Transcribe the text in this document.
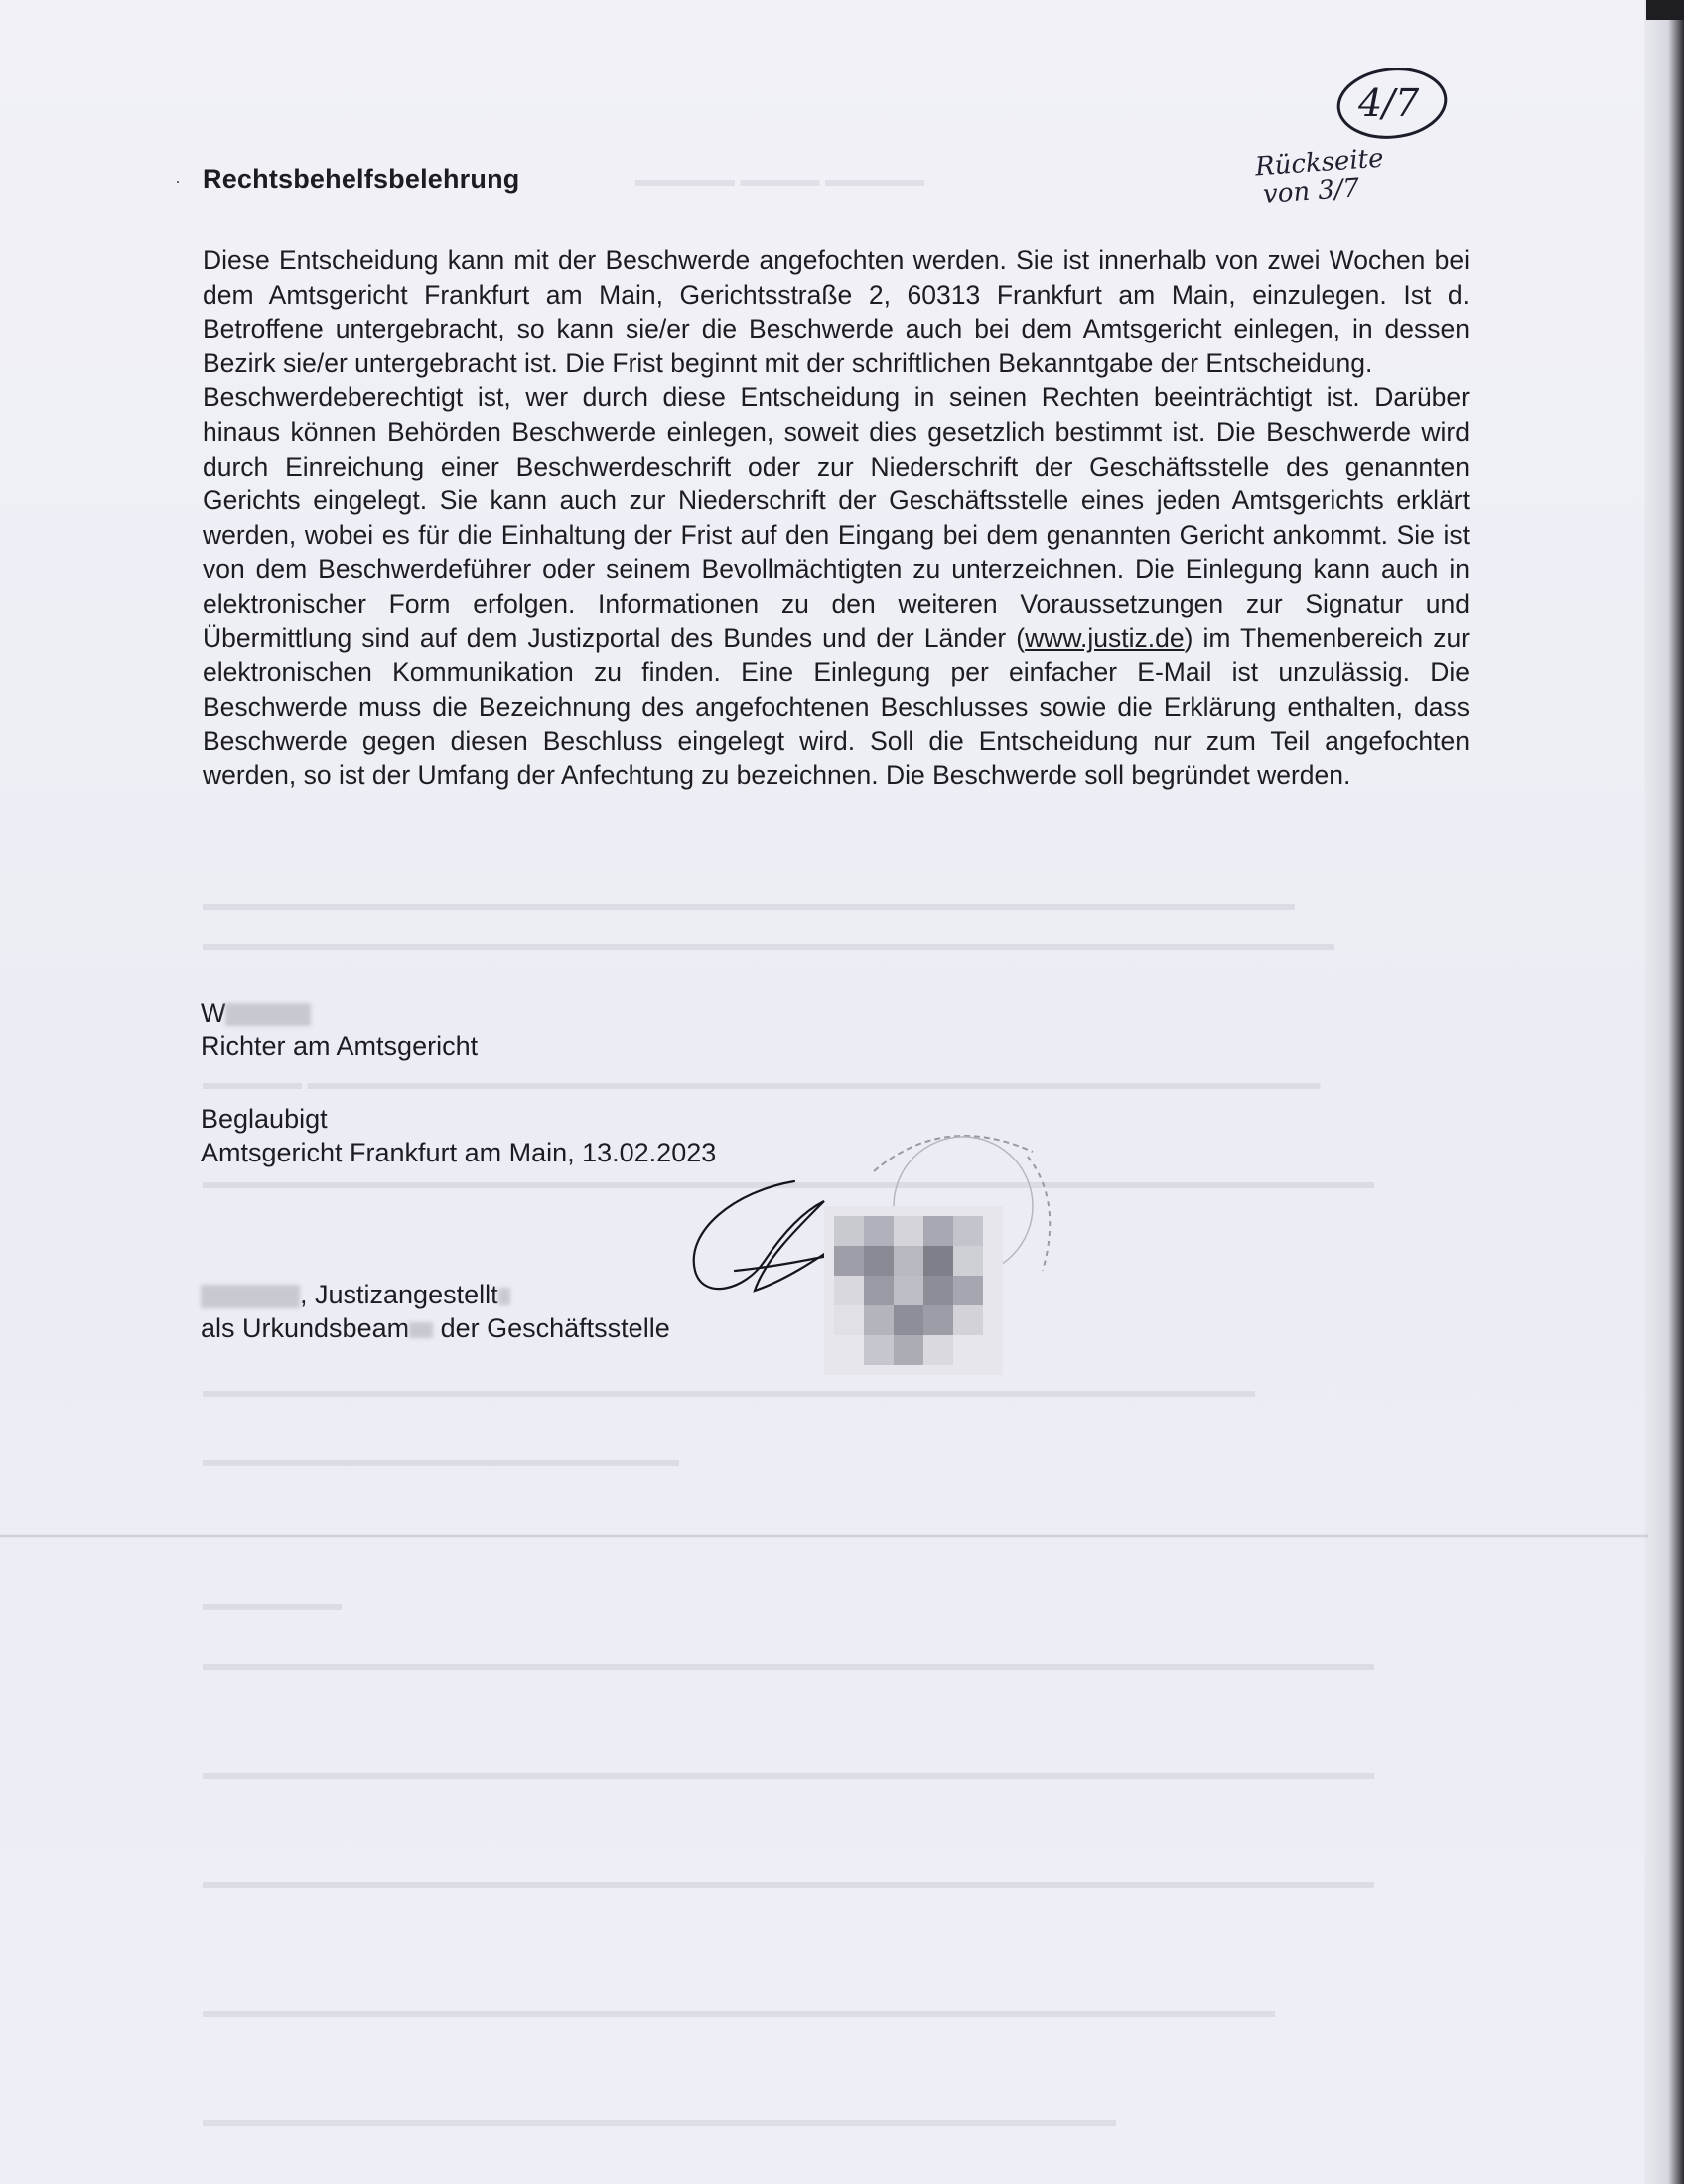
▬▬▬▬▬ ▬▬▬▬ ▬▬▬▬▬
▬▬▬▬▬▬▬▬▬▬▬▬▬▬▬▬▬▬▬▬▬▬▬▬▬▬▬▬▬▬▬▬▬▬▬▬▬▬▬▬▬▬▬▬▬▬▬▬▬▬▬▬▬▬▬
▬▬▬▬▬▬▬▬▬▬▬▬▬▬▬▬▬▬▬▬▬▬▬▬▬▬▬▬▬▬▬▬▬▬▬▬▬▬▬▬▬▬▬▬▬▬▬▬▬▬▬▬▬▬▬▬▬
▬▬▬▬▬ ▬▬▬▬▬▬▬▬▬▬▬▬▬▬▬▬▬▬▬▬▬▬▬▬▬▬▬▬▬▬▬▬▬▬▬▬▬▬▬▬▬▬▬▬▬▬▬▬▬▬▬
▬▬▬▬▬▬▬▬▬▬▬▬▬▬▬▬▬▬▬▬▬▬▬▬▬▬▬▬▬▬▬▬▬▬▬▬▬▬▬▬▬▬▬▬▬▬▬▬▬▬▬▬▬▬▬▬▬▬▬
▬▬▬▬▬▬▬▬▬▬▬▬▬▬▬▬▬▬▬▬▬▬▬▬▬▬▬▬▬▬▬▬▬▬▬▬▬▬▬▬▬▬▬▬▬▬▬▬▬▬▬▬▬
▬▬▬▬▬▬▬▬▬▬▬▬▬▬▬▬▬▬▬▬▬▬▬▬
▬▬▬▬▬▬▬
▬▬▬▬▬▬▬▬▬▬▬▬▬▬▬▬▬▬▬▬▬▬▬▬▬▬▬▬▬▬▬▬▬▬▬▬▬▬▬▬▬▬▬▬▬▬▬▬▬▬▬▬▬▬▬▬▬▬▬
▬▬▬▬▬▬▬▬▬▬▬▬▬▬▬▬▬▬▬▬▬▬▬▬▬▬▬▬▬▬▬▬▬▬▬▬▬▬▬▬▬▬▬▬▬▬▬▬▬▬▬▬▬▬▬▬▬▬▬
▬▬▬▬▬▬▬▬▬▬▬▬▬▬▬▬▬▬▬▬▬▬▬▬▬▬▬▬▬▬▬▬▬▬▬▬▬▬▬▬▬▬▬▬▬▬▬▬▬▬▬▬▬▬▬▬▬▬▬
▬▬▬▬▬▬▬▬▬▬▬▬▬▬▬▬▬▬▬▬▬▬▬▬▬▬▬▬▬▬▬▬▬▬▬▬▬▬▬▬▬▬▬▬▬▬▬▬▬▬▬▬▬▬
▬▬▬▬▬▬▬▬▬▬▬▬▬▬▬▬▬▬▬▬▬▬▬▬▬▬▬▬▬▬▬▬▬▬▬▬▬▬▬▬▬▬▬▬▬▬
4/7
Rückseite
von 3/7
· Rechtsbehelfsbelehrung

Diese Entscheidung kann mit der Beschwerde angefochten werden. Sie ist innerhalb von zwei Wochen bei dem Amtsgericht Frankfurt am Main, Gerichtsstraße 2, 60313 Frankfurt am Main, einzulegen. Ist d. Betroffene untergebracht, so kann sie/er die Beschwerde auch bei dem Amtsgericht einlegen, in dessen Bezirk sie/er untergebracht ist. Die Frist beginnt mit der schriftlichen Bekanntgabe der Entscheidung.

Beschwerdeberechtigt ist, wer durch diese Entscheidung in seinen Rechten beeinträchtigt ist. Darüber hinaus können Behörden Beschwerde einlegen, soweit dies gesetzlich bestimmt ist. Die Beschwerde wird durch Einreichung einer Beschwerdeschrift oder zur Niederschrift der Geschäftsstelle des genannten Gerichts eingelegt. Sie kann auch zur Niederschrift der Geschäftsstelle eines jeden Amtsgerichts erklärt werden, wobei es für die Einhaltung der Frist auf den Eingang bei dem genannten Gericht ankommt. Sie ist von dem Beschwerdeführer oder seinem Bevollmächtigten zu unterzeichnen. Die Einlegung kann auch in elektronischer Form erfolgen. Informationen zu den weiteren Voraussetzungen zur Signatur und Übermittlung sind auf dem Justizportal des Bundes und der Länder (www.justiz.de) im Themenbereich zur elektronischen Kommunikation zu finden. Eine Einlegung per einfacher E-Mail ist unzulässig. Die Beschwerde muss die Bezeichnung des angefochtenen Beschlusses sowie die Erklärung enthalten, dass Beschwerde gegen diesen Beschluss eingelegt wird. Soll die Entscheidung nur zum Teil angefochten werden, so ist der Umfang der Anfechtung zu bezeichnen. Die Beschwerde soll begründet werden.

W
Richter am Amtsgericht
Beglaubigt
Amtsgericht Frankfurt am Main, 13.02.2023
, Justizangestellt
als Urkundsbeam der Geschäftsstelle
